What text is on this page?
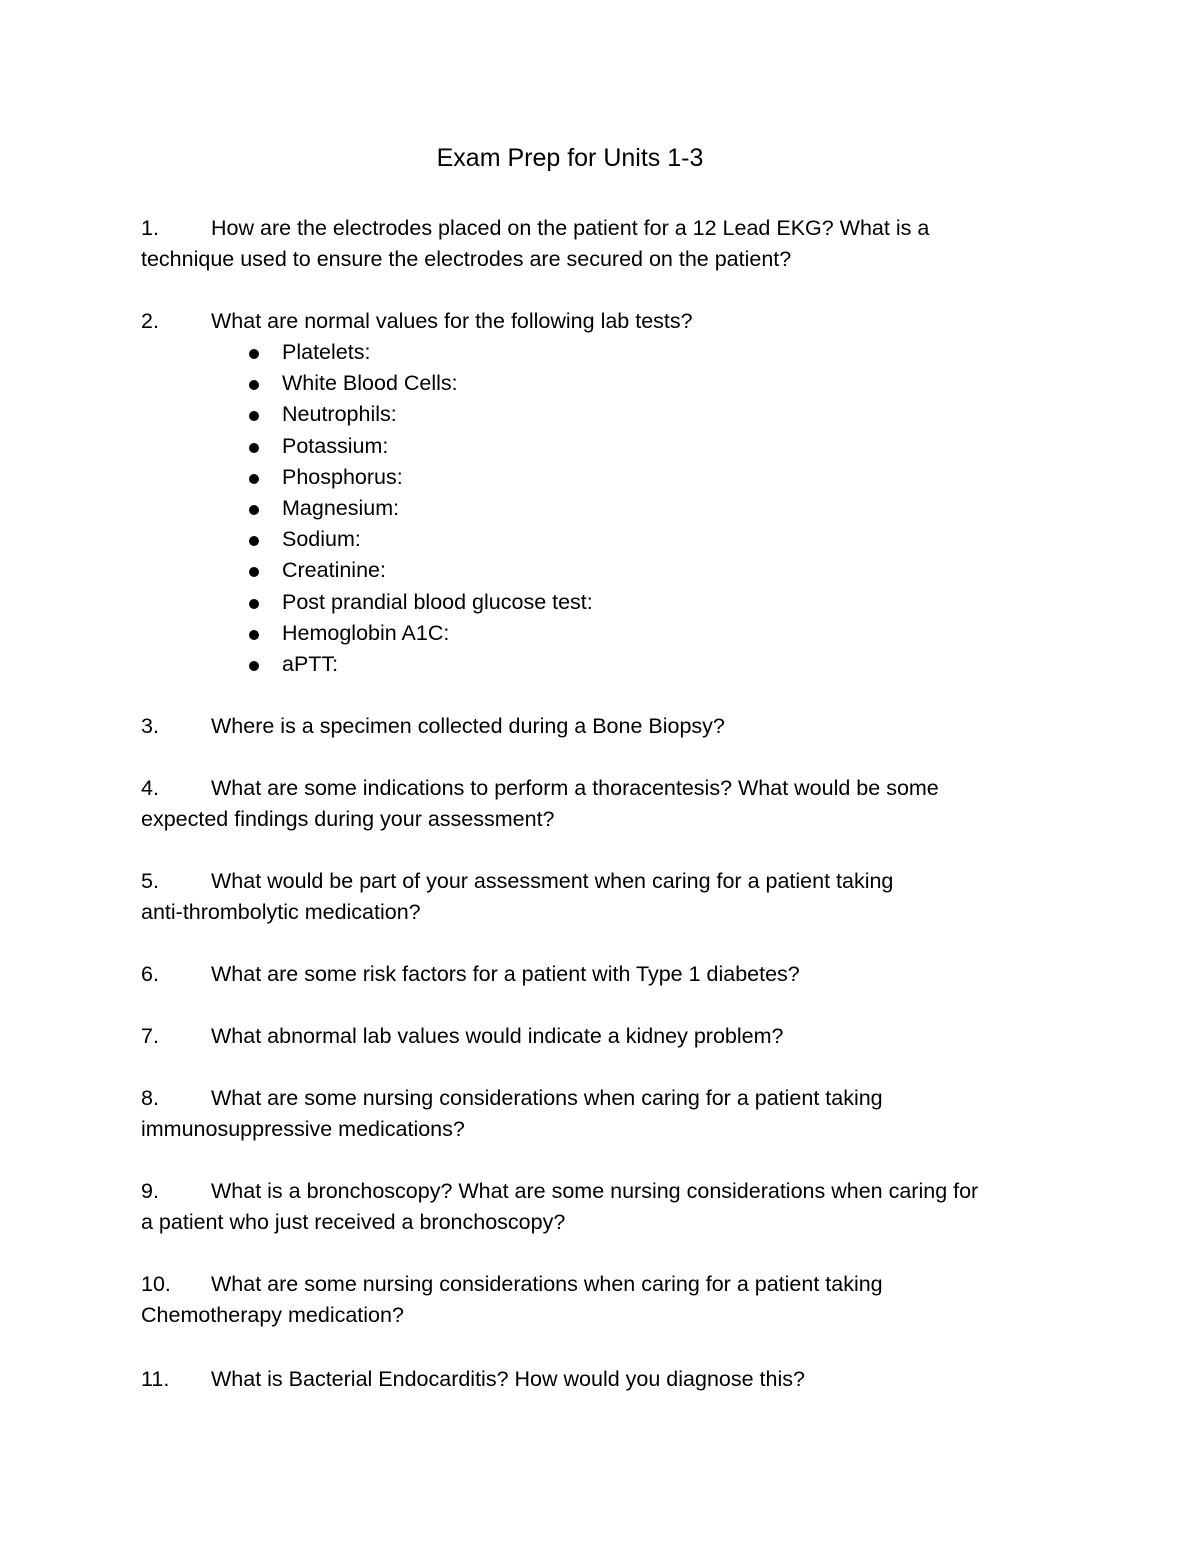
Exam Prep for Units 1-3
1. How are the electrodes placed on the patient for a 12 Lead EKG? What is a
technique used to ensure the electrodes are secured on the patient?
2. What are normal values for the following lab tests?
Platelets:
White Blood Cells:
Neutrophils:
Potassium:
Phosphorus:
Magnesium:
Sodium:
Creatinine:
Post prandial blood glucose test:
Hemoglobin A1C:
aPTT:
3. Where is a specimen collected during a Bone Biopsy?
4. What are some indications to perform a thoracentesis? What would be some
expected findings during your assessment?
5. What would be part of your assessment when caring for a patient taking
anti-thrombolytic medication?
6. What are some risk factors for a patient with Type 1 diabetes?
7. What abnormal lab values would indicate a kidney problem?
8. What are some nursing considerations when caring for a patient taking
immunosuppressive medications?
9. What is a bronchoscopy? What are some nursing considerations when caring for
a patient who just received a bronchoscopy?
10. What are some nursing considerations when caring for a patient taking
Chemotherapy medication?
11. What is Bacterial Endocarditis? How would you diagnose this?
